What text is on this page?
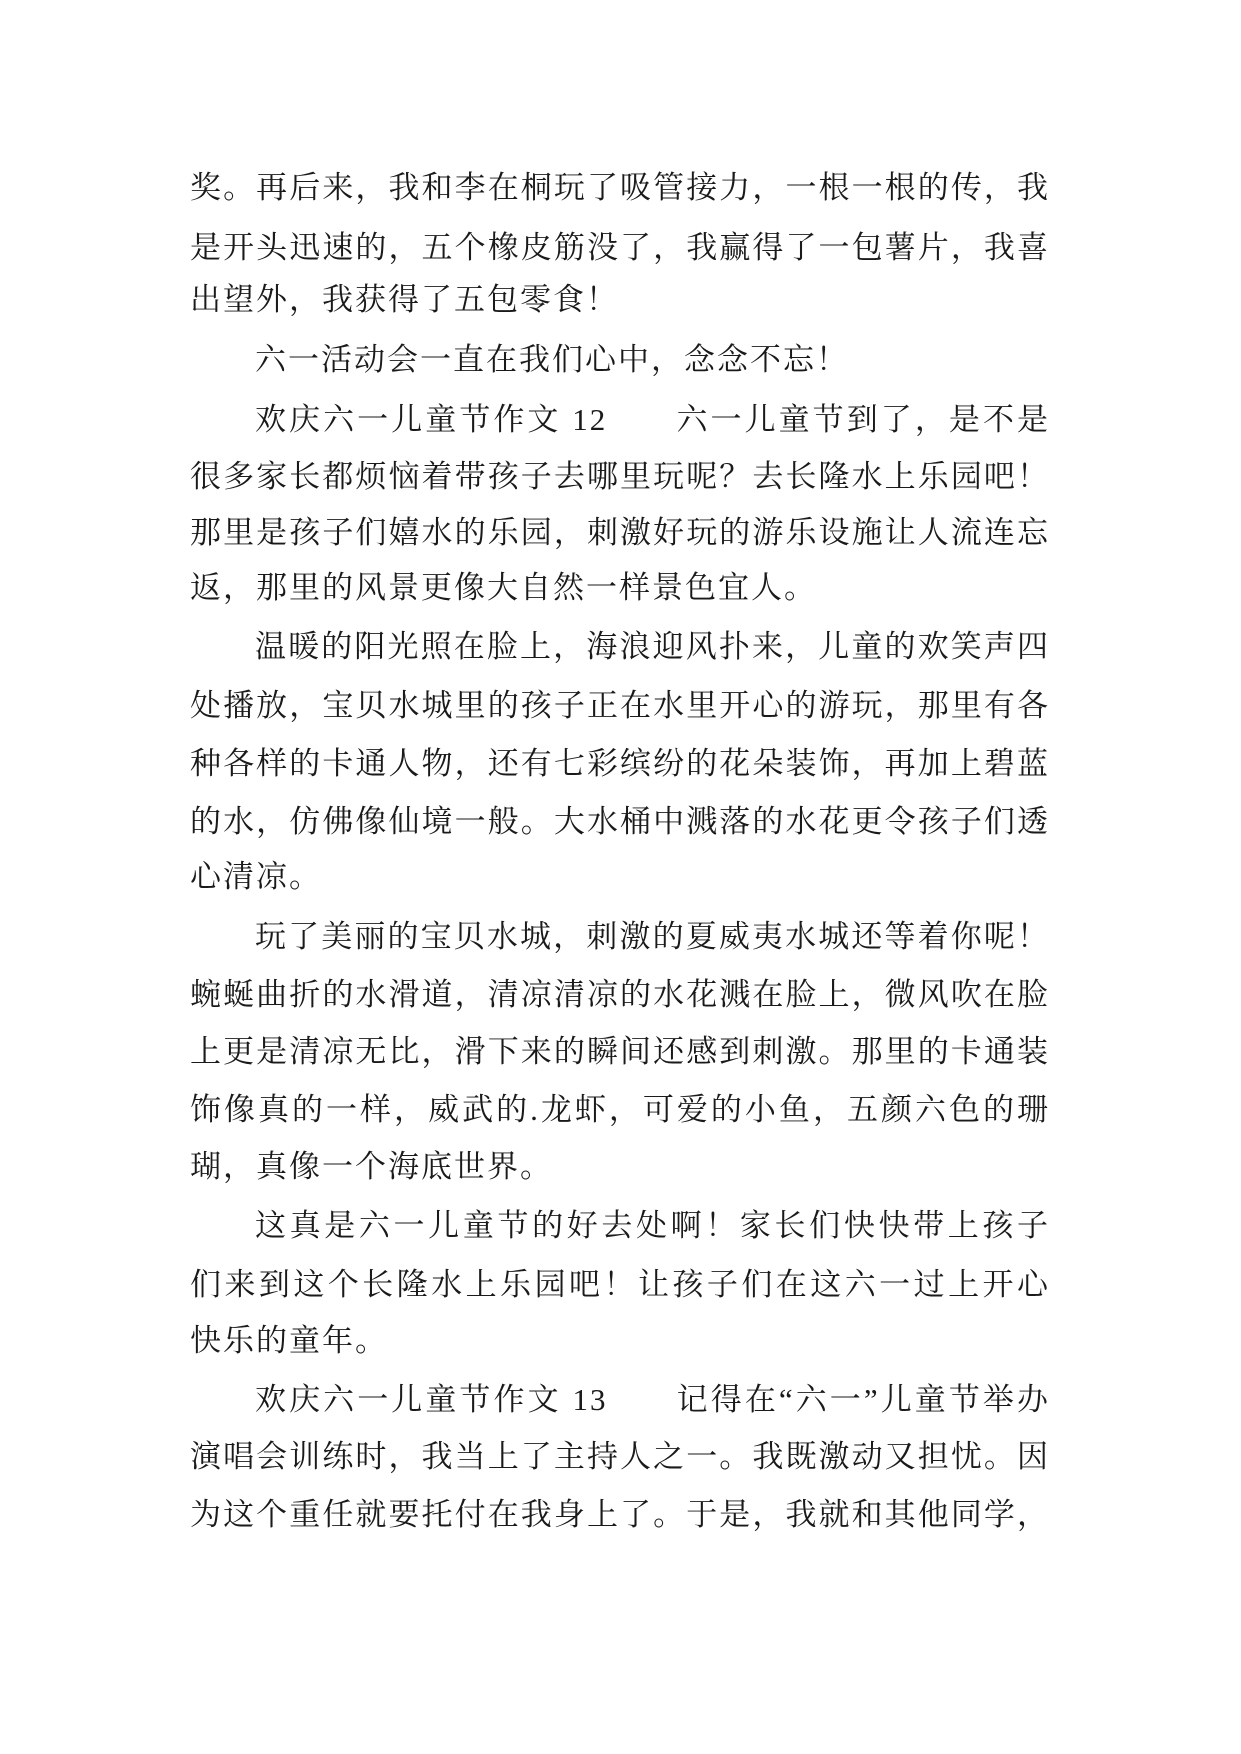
奖。再后来，我和李在桐玩了吸管接力，一根一根的传，我
是开头迅速的，五个橡皮筋没了，我赢得了一包薯片，我喜
出望外，我获得了五包零食！
六一活动会一直在我们心中，念念不忘！
欢庆六一儿童节作文 12　　六一儿童节到了，是不是
很多家长都烦恼着带孩子去哪里玩呢？去长隆水上乐园吧！
那里是孩子们嬉水的乐园，刺激好玩的游乐设施让人流连忘
返，那里的风景更像大自然一样景色宜人。
温暖的阳光照在脸上，海浪迎风扑来，儿童的欢笑声四
处播放，宝贝水城里的孩子正在水里开心的游玩，那里有各
种各样的卡通人物，还有七彩缤纷的花朵装饰，再加上碧蓝
的水，仿佛像仙境一般。大水桶中溅落的水花更令孩子们透
心清凉。
玩了美丽的宝贝水城，刺激的夏威夷水城还等着你呢！
蜿蜒曲折的水滑道，清凉清凉的水花溅在脸上，微风吹在脸
上更是清凉无比，滑下来的瞬间还感到刺激。那里的卡通装
饰像真的一样，威武的.龙虾，可爱的小鱼，五颜六色的珊
瑚，真像一个海底世界。
这真是六一儿童节的好去处啊！家长们快快带上孩子
们来到这个长隆水上乐园吧！让孩子们在这六一过上开心
快乐的童年。
欢庆六一儿童节作文 13　　记得在“六一”儿童节举办
演唱会训练时，我当上了主持人之一。我既激动又担忧。因
为这个重任就要托付在我身上了。于是，我就和其他同学，
